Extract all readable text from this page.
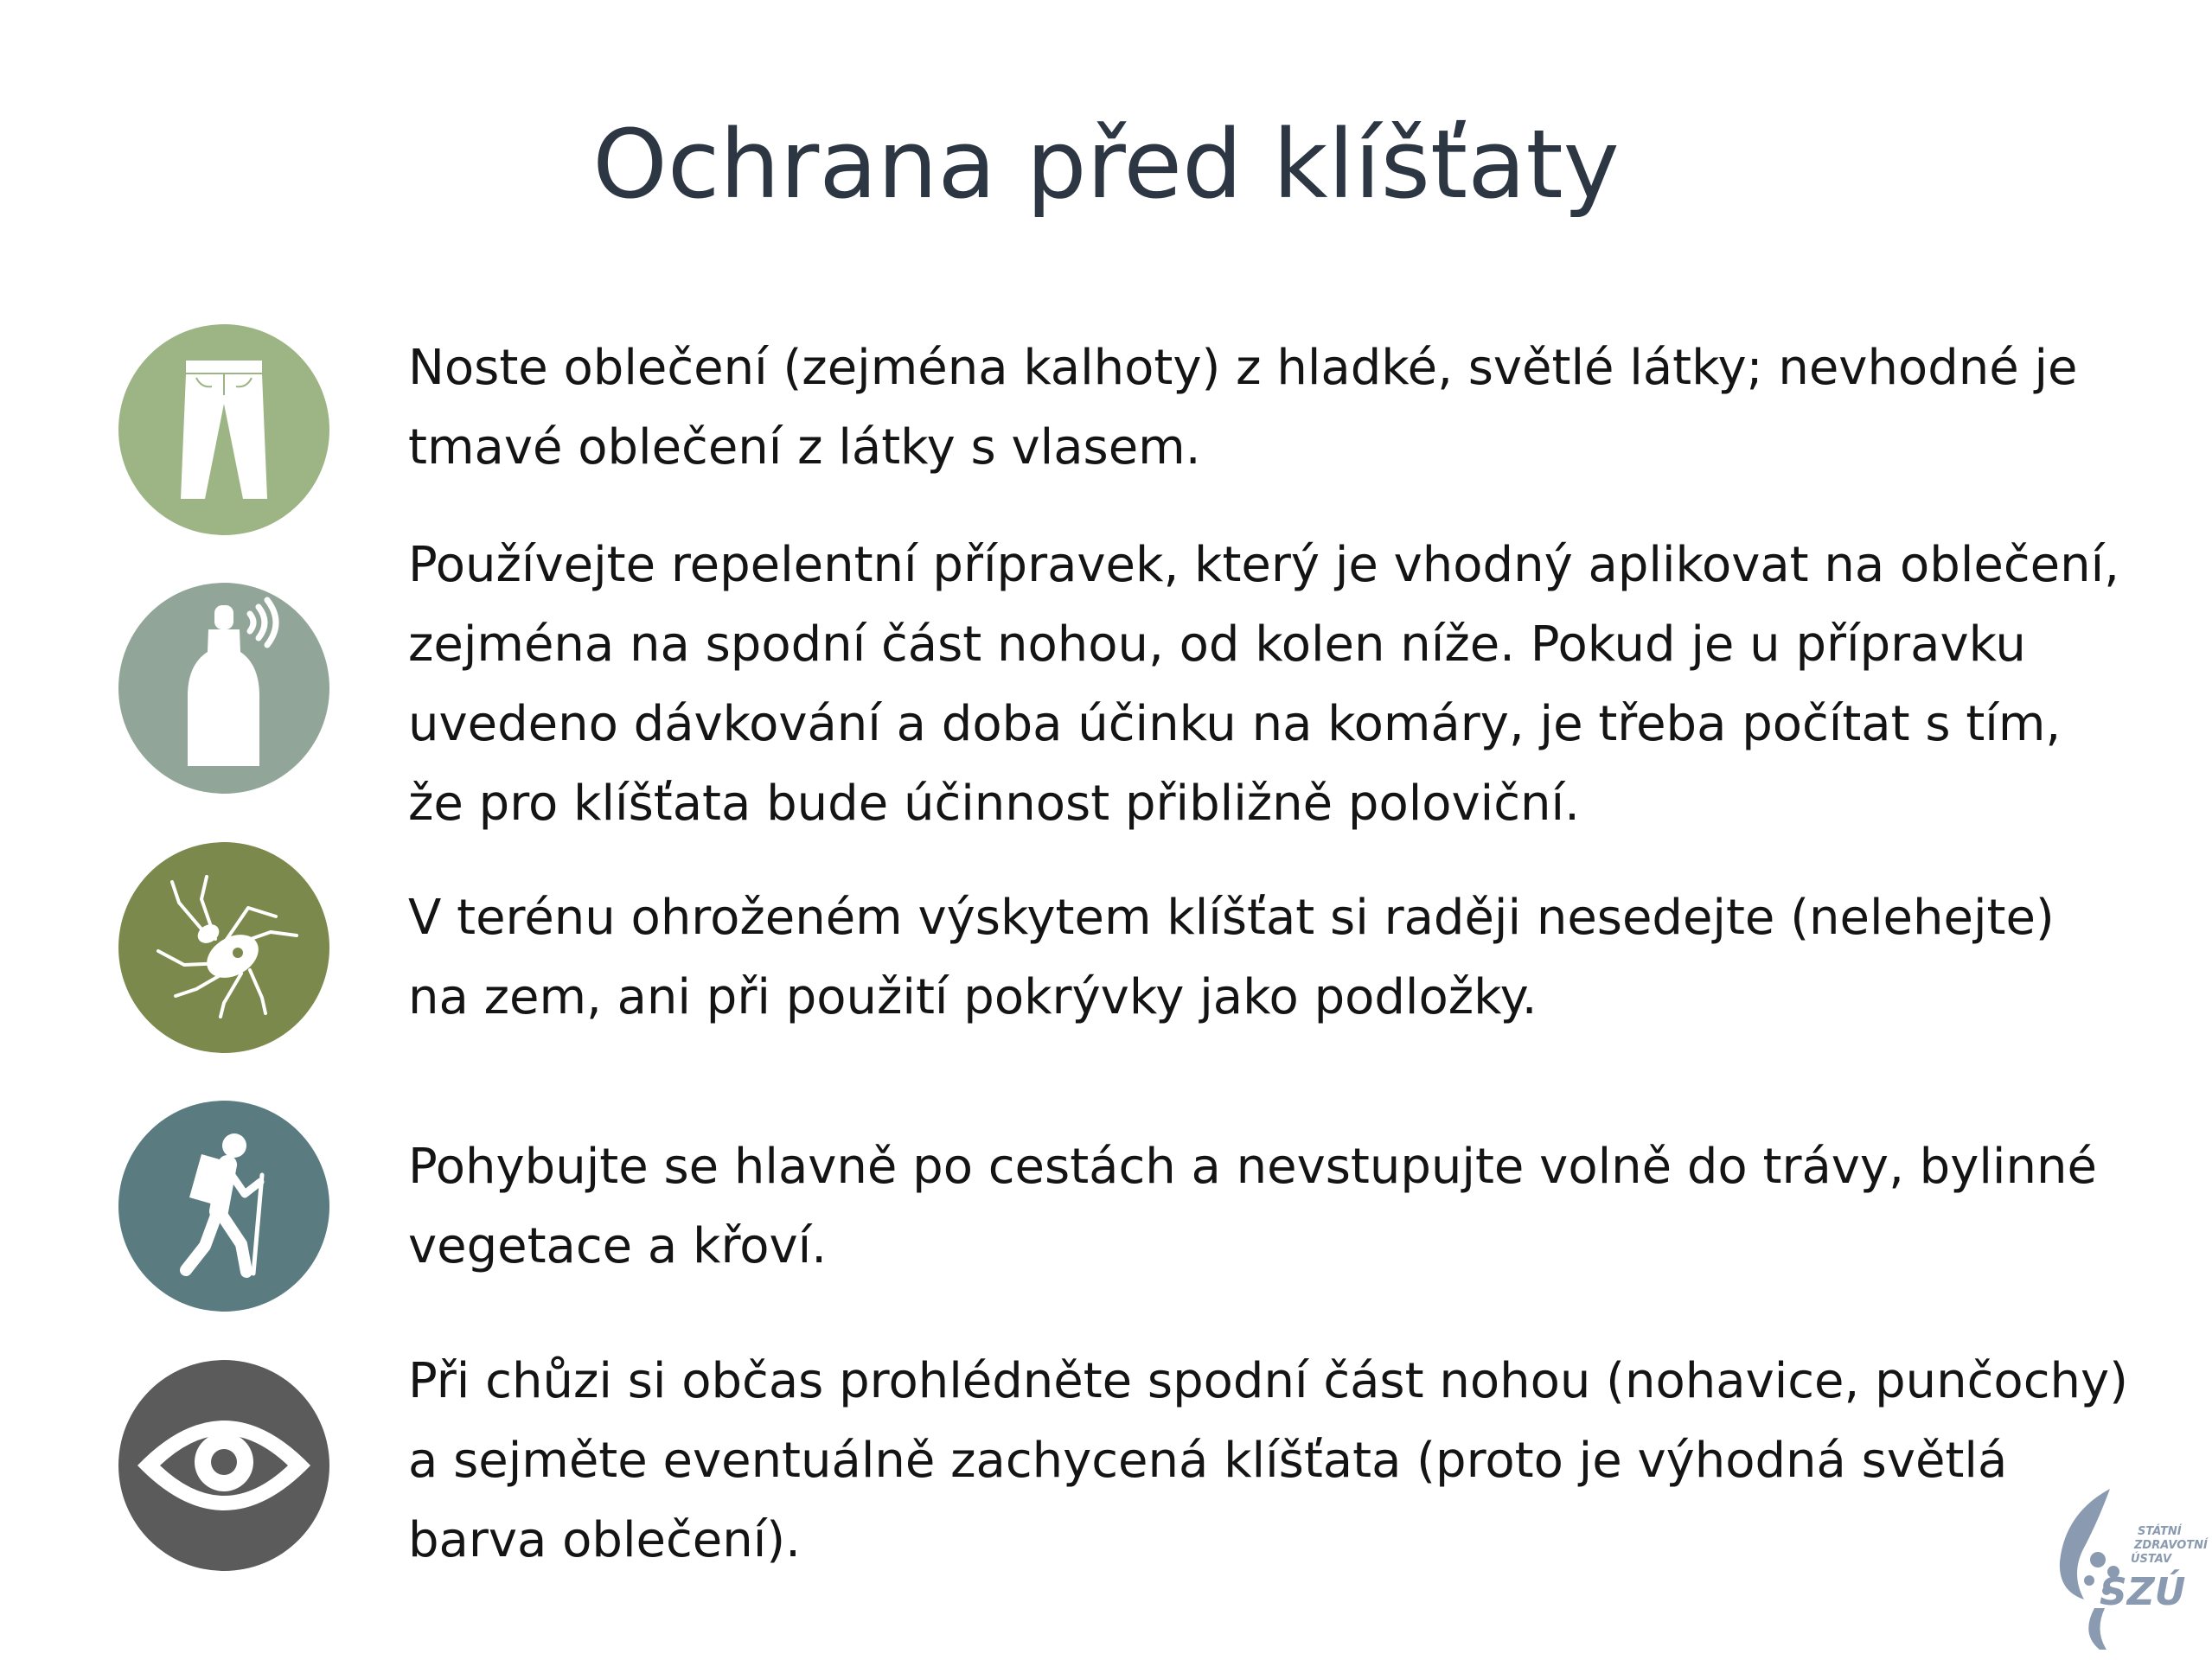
Ochrana před klíšťaty
Noste oblečení (zejména kalhoty) z hladké, světlé látky; nevhodné je tmavé oblečení z látky s vlasem.
Používejte repelentní přípravek, který je vhodný aplikovat na oblečení, zejména na spodní část nohou, od kolen níže. Pokud je u přípravku uvedeno dávkování a doba účinku na komáry, je třeba počítat s tím, že pro klíšťata bude účinnost přibližně poloviční.
V terénu ohroženém výskytem klíšťat si raději nesedejte (nelehejte) na zem, ani při použití pokrývky jako podložky.
Pohybujte se hlavně po cestách a nevstupujte volně do trávy, bylinné vegetace a křoví.
Při chůzi si občas prohlédněte spodní část nohou (nohavice, punčochy) a sejměte eventuálně zachycená klíšťata (proto je výhodná světlá barva oblečení).	STÁTNÍ
ZDRAVOTNÍ
ÚSTAV
SZÚ
